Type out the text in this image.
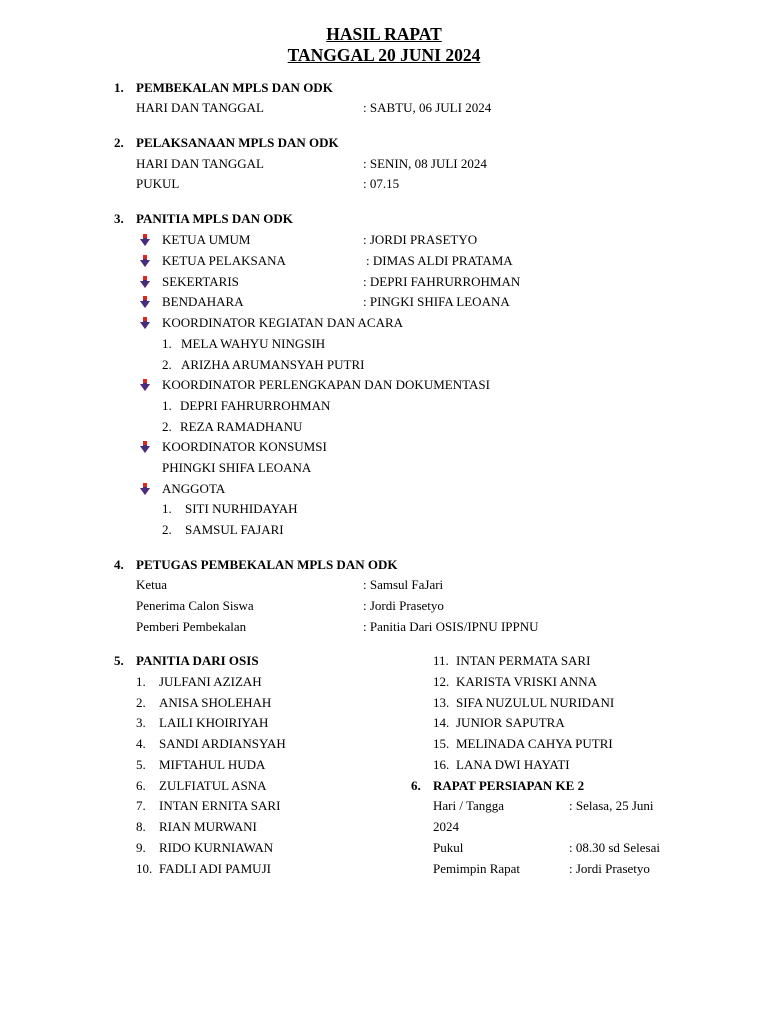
HASIL RAPAT
TANGGAL 20 JUNI 2024
1. PEMBEKALAN MPLS DAN ODK
HARI DAN TANGGAL	: SABTU, 06 JULI 2024
2. PELAKSANAAN MPLS DAN ODK
HARI DAN TANGGAL	: SENIN, 08 JULI 2024
PUKUL	: 07.15
3. PANITIA MPLS DAN ODK
KETUA UMUM	: JORDI PRASETYO
KETUA PELAKSANA	: DIMAS ALDI PRATAMA
SEKERTARIS	: DEPRI FAHRURROHMAN
BENDAHARA	: PINGKI SHIFA LEOANA
KOORDINATOR KEGIATAN DAN ACARA
1. MELA WAHYU NINGSIH
2. ARIZHA ARUMANSYAH PUTRI
KOORDINATOR PERLENGKAPAN DAN DOKUMENTASI
1. DEPRI FAHRURROHMAN
2. REZA RAMADHANU
KOORDINATOR KONSUMSI
PHINGKI SHIFA LEOANA
ANGGOTA
1. SITI NURHIDAYAH
2. SAMSUL FAJARI
4. PETUGAS PEMBEKALAN MPLS DAN ODK
Ketua	: Samsul FaJari
Penerima Calon Siswa	: Jordi Prasetyo
Pemberi Pembekalan	: Panitia Dari OSIS/IPNU IPPNU
5. PANITIA DARI OSIS
1. JULFANI AZIZAH
2. ANISA SHOLEHAH
3. LAILI KHOIRIYAH
4. SANDI ARDIANSYAH
5. MIFTAHUL HUDA
6. ZULFIATUL ASNA
7. INTAN ERNITA SARI
8. RIAN MURWANI
9. RIDO KURNIAWAN
10. FADLI ADI PAMUJI
11. INTAN PERMATA SARI
12. KARISTA VRISKI ANNA
13. SIFA NUZULUL NURIDANI
14. JUNIOR SAPUTRA
15. MELINADA CAHYA PUTRI
16. LANA DWI HAYATI
6. RAPAT PERSIAPAN KE 2
Hari / Tangga	: Selasa, 25 Juni
2024
Pukul	: 08.30 sd Selesai
Pemimpin Rapat	: Jordi Prasetyo
